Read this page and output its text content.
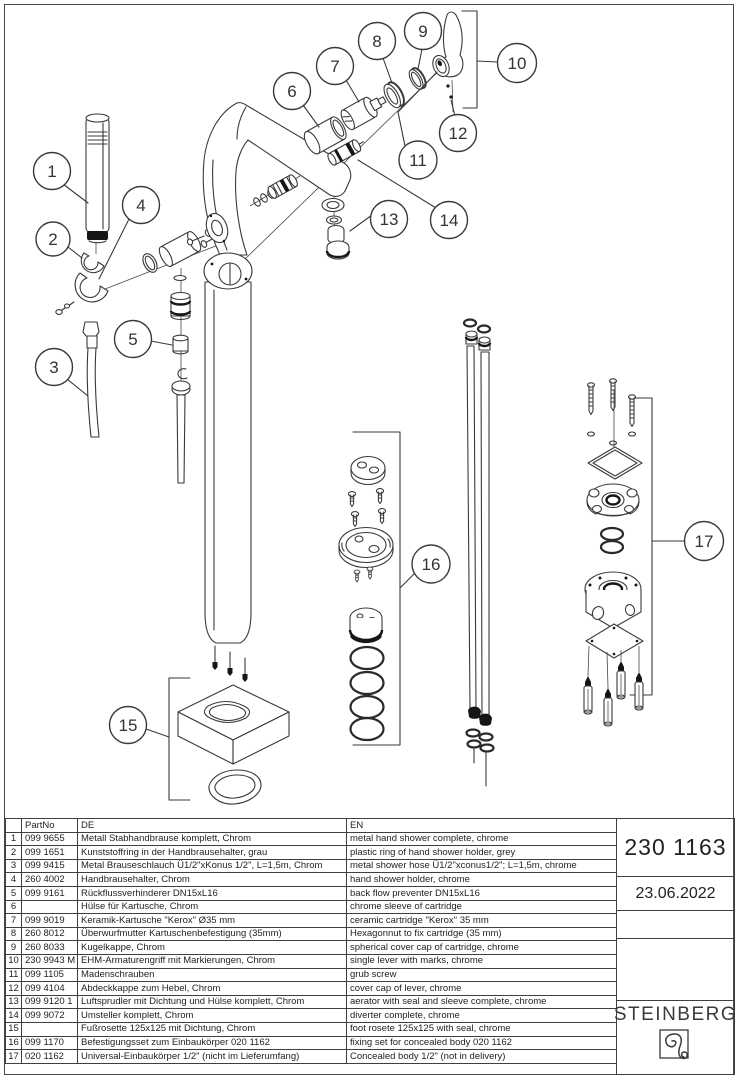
1
2
3
4
5
6
7
8
9
10
11
12
13 14
15
16
17
	PartNo	DE	EN
1	099 9655	Metall Stabhandbrause komplett, Chrom	metal hand shower complete, chrome
2	099 1651	Kunststoffring in der Handbrausehalter, grau	plastic ring of hand shower holder, grey
3	099 9415	Metal Brauseschlauch Ü1/2"xKonus 1/2", L=1,5m, Chrom	metal shower hose Ü1/2"xconus1/2"; L=1,5m, chrome
4	260 4002	Handbrausehalter, Chrom	hand shower holder, chrome
5	099 9161	Rückflussverhinderer DN15xL16	back flow preventer DN15xL16
6		Hülse für Kartusche, Chrom	chrome sleeve of cartridge
7	099 9019	Keramik-Kartusche "Kerox" Ø35 mm	ceramic cartridge "Kerox" 35 mm
8	260 8012	Überwurfmutter Kartuschenbefestigung (35mm)	Hexagonnut to fix cartridge (35 mm)
9	260 8033	Kugelkappe, Chrom	spherical cover cap of cartridge, chrome
10	230 9943 M	EHM-Armaturengriff mit Markierungen, Chrom	single lever with marks, chrome
11	099 1105	Madenschrauben	grub screw
12	099 4104	Abdeckkappe zum Hebel, Chrom	cover cap of lever, chrome
13	099 9120 1	Luftsprudler mit Dichtung und Hülse komplett, Chrom	aerator with seal and sleeve complete, chrome
14	099 9072	Umsteller komplett, Chrom	diverter complete, chrome
15		Fußrosette 125x125 mit Dichtung, Chrom	foot rosete 125x125 with seal, chrome
16	099 1170	Befestigungsset zum Einbaukörper 020 1162	fixing set for concealed body 020 1162
17	020 1162	Universal-Einbaukörper 1/2" (nicht im Lieferumfang)	Concealed body 1/2" (not in delivery)
230 1163
23.06.2022
STEINBERG
